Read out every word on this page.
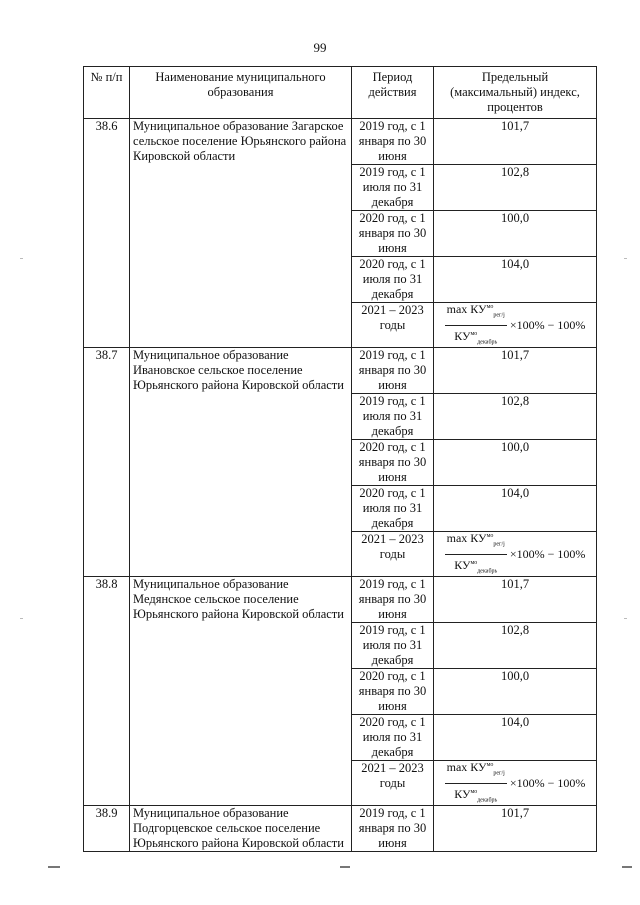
99
№ п/п	Наименование муниципального образования	Период действия	Предельный (максимальный) индекс, процентов
38.6	Муниципальное образование Загарское сельское поселение Юрьянского района Кировской области	2019 год, с 1 января по 30 июня	101,7
		2019 год, с 1 июля по 31 декабря	102,8
		2020 год, с 1 января по 30 июня	100,0
		2020 год, с 1 июля по 31 декабря	104,0
		2021 – 2023 годы	$\frac{\max КУ^{мо}_{рег/j}}{КУ^{мо}_{декабрь}} \times 100\% - 100\%$

38.7	Муниципальное образование Ивановское сельское поселение Юрьянского района Кировской области	2019 год, с 1 января по 30 июня	101,7
		2019 год, с 1 июля по 31 декабря	102,8
		2020 год, с 1 января по 30 июня	100,0
		2020 год, с 1 июля по 31 декабря	104,0
		2021 – 2023 годы	$\frac{\max КУ^{мо}_{рег/j}}{КУ^{мо}_{декабрь}} \times 100\% - 100\%$

38.8	Муниципальное образование Медянское сельское поселение Юрьянского района Кировской области	2019 год, с 1 января по 30 июня	101,7
		2019 год, с 1 июля по 31 декабря	102,8
		2020 год, с 1 января по 30 июня	100,0
		2020 год, с 1 июля по 31 декабря	104,0
		2021 – 2023 годы	$\frac{\max КУ^{мо}_{рег/j}}{КУ^{мо}_{декабрь}} \times 100\% - 100\%$

38.9	Муниципальное образование Подгорцевское сельское поселение Юрьянского района Кировской области	2019 год, с 1 января по 30 июня	101,7
